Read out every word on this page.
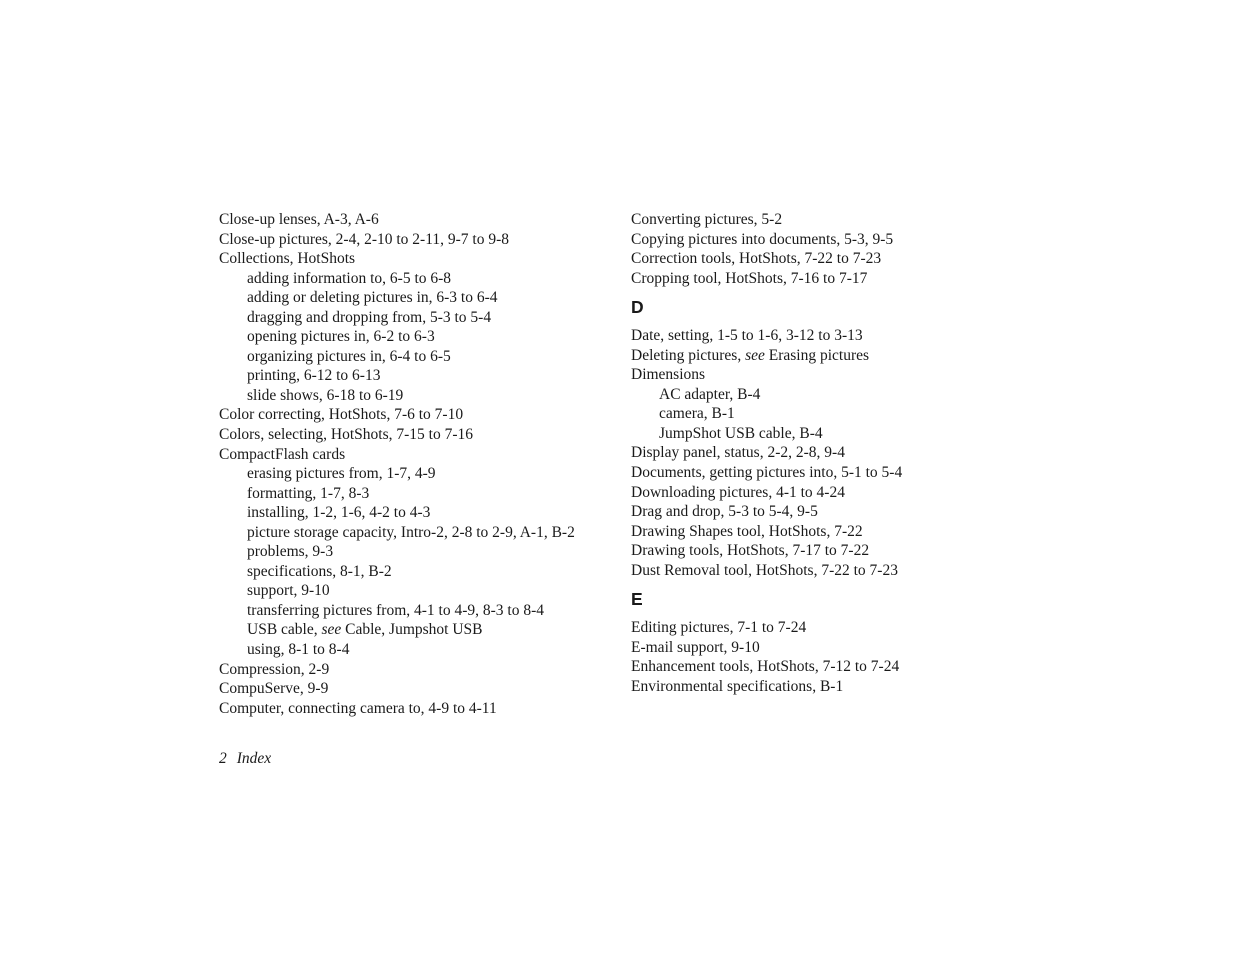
Close-up lenses, A-3, A-6
Close-up pictures, 2-4, 2-10 to 2-11, 9-7 to 9-8
Collections, HotShots
adding information to, 6-5 to 6-8
adding or deleting pictures in, 6-3 to 6-4
dragging and dropping from, 5-3 to 5-4
opening pictures in, 6-2 to 6-3
organizing pictures in, 6-4 to 6-5
printing, 6-12 to 6-13
slide shows, 6-18 to 6-19
Color correcting, HotShots, 7-6 to 7-10
Colors, selecting, HotShots, 7-15 to 7-16
CompactFlash cards
erasing pictures from, 1-7, 4-9
formatting, 1-7, 8-3
installing, 1-2, 1-6, 4-2 to 4-3
picture storage capacity, Intro-2, 2-8 to 2-9, A-1, B-2
problems, 9-3
specifications, 8-1, B-2
support, 9-10
transferring pictures from, 4-1 to 4-9, 8-3 to 8-4
USB cable, see Cable, Jumpshot USB
using, 8-1 to 8-4
Compression, 2-9
CompuServe, 9-9
Computer, connecting camera to, 4-9 to 4-11
Converting pictures, 5-2
Copying pictures into documents, 5-3, 9-5
Correction tools, HotShots, 7-22 to 7-23
Cropping tool, HotShots, 7-16 to 7-17
D
Date, setting, 1-5 to 1-6, 3-12 to 3-13
Deleting pictures, see Erasing pictures
Dimensions
AC adapter, B-4
camera, B-1
JumpShot USB cable, B-4
Display panel, status, 2-2, 2-8, 9-4
Documents, getting pictures into, 5-1 to 5-4
Downloading pictures, 4-1 to 4-24
Drag and drop, 5-3 to 5-4, 9-5
Drawing Shapes tool, HotShots, 7-22
Drawing tools, HotShots, 7-17 to 7-22
Dust Removal tool, HotShots, 7-22 to 7-23
E
Editing pictures, 7-1 to 7-24
E-mail support, 9-10
Enhancement tools, HotShots, 7-12 to 7-24
Environmental specifications, B-1
2 Index
